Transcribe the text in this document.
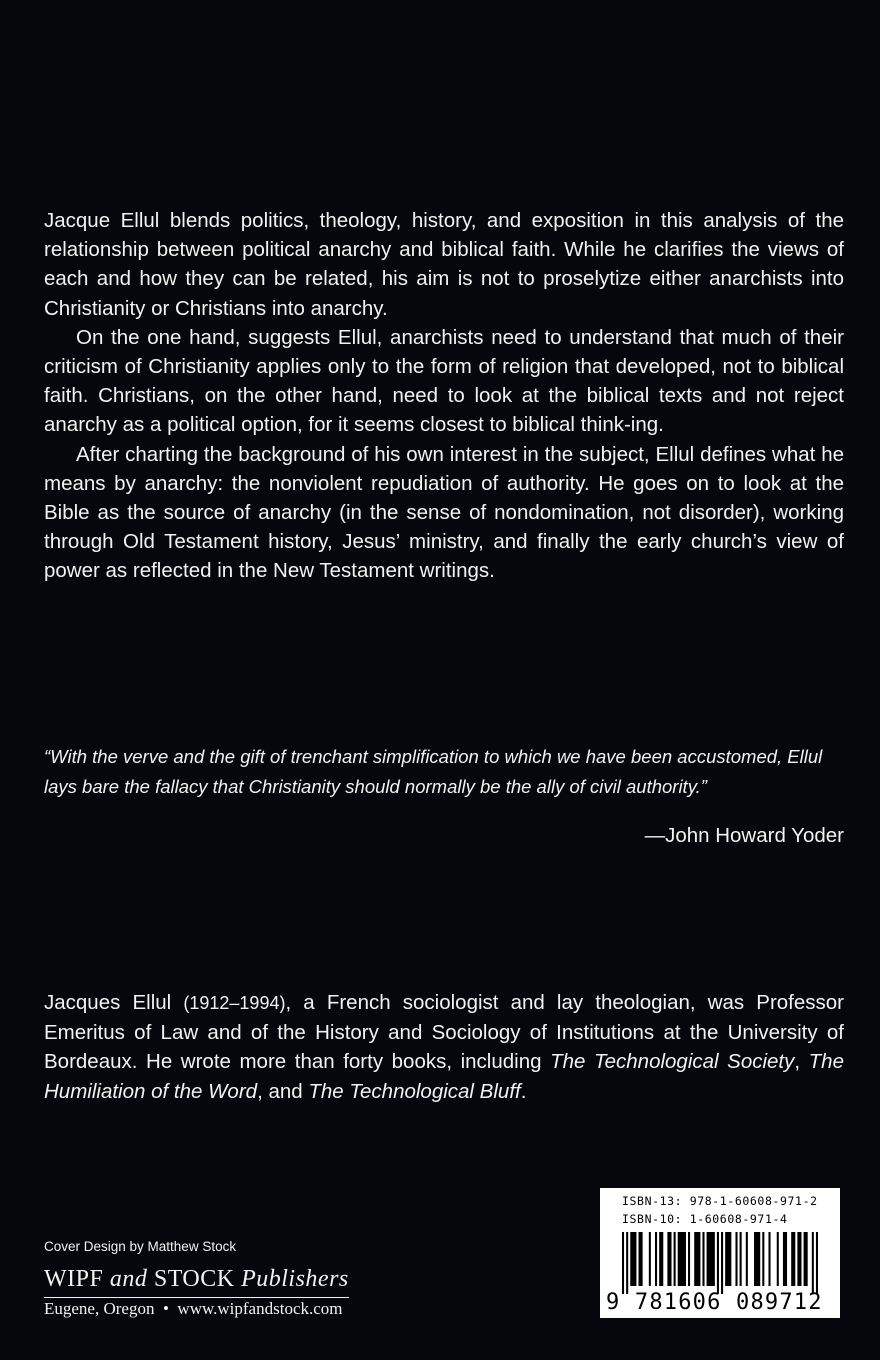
Jacque Ellul blends politics, theology, history, and exposition in this analysis of the relationship between political anarchy and biblical faith. While he clarifies the views of each and how they can be related, his aim is not to proselytize either anarchists into Christianity or Christians into anarchy.

On the one hand, suggests Ellul, anarchists need to understand that much of their criticism of Christianity applies only to the form of religion that developed, not to biblical faith. Christians, on the other hand, need to look at the biblical texts and not reject anarchy as a political option, for it seems closest to biblical think-ing.

After charting the background of his own interest in the subject, Ellul defines what he means by anarchy: the nonviolent repudiation of authority. He goes on to look at the Bible as the source of anarchy (in the sense of nondomination, not disorder), working through Old Testament history, Jesus’ ministry, and finally the early church’s view of power as reflected in the New Testament writings.

“With the verve and the gift of trenchant simplification to which we have been accustomed, Ellul lays bare the fallacy that Christianity should normally be the ally of civil authority.”

—John Howard Yoder

Jacques Ellul (1912–1994), a French sociologist and lay theologian, was Professor Emeritus of Law and of the History and Sociology of Institutions at the University of Bordeaux. He wrote more than forty books, including The Technological Society, The Humiliation of the Word, and The Technological Bluff.

Cover Design by Matthew Stock
WIPF and STOCK Publishers
Eugene, Oregon • www.wipfandstock.com
ISBN-13: 978-1-60608-971-2
ISBN-10: 1-60608-971-4
9 781606 089712
